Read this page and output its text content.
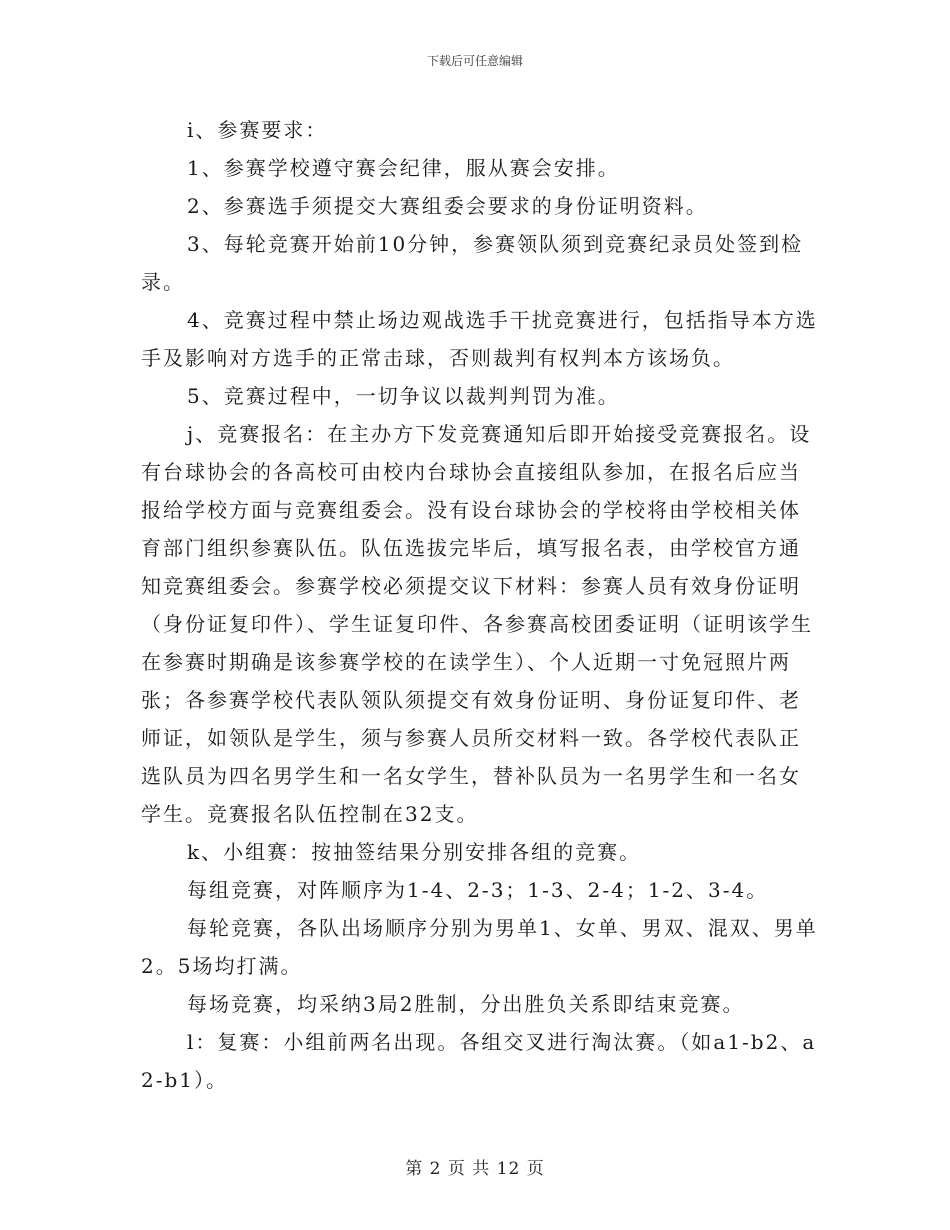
下载后可任意编辑

i、参赛要求：

1、参赛学校遵守赛会纪律，服从赛会安排。

2、参赛选手须提交大赛组委会要求的身份证明资料。

3、每轮竞赛开始前10分钟，参赛领队须到竞赛纪录员处签到检录。

4、竞赛过程中禁止场边观战选手干扰竞赛进行，包括指导本方选手及影响对方选手的正常击球，否则裁判有权判本方该场负。

5、竞赛过程中，一切争议以裁判判罚为准。

j、竞赛报名：在主办方下发竞赛通知后即开始接受竞赛报名。设有台球协会的各高校可由校内台球协会直接组队参加，在报名后应当报给学校方面与竞赛组委会。没有设台球协会的学校将由学校相关体育部门组织参赛队伍。队伍选拔完毕后，填写报名表，由学校官方通知竞赛组委会。参赛学校必须提交议下材料：参赛人员有效身份证明（身份证复印件）、学生证复印件、各参赛高校团委证明（证明该学生在参赛时期确是该参赛学校的在读学生）、个人近期一寸免冠照片两张；各参赛学校代表队领队须提交有效身份证明、身份证复印件、老师证，如领队是学生，须与参赛人员所交材料一致。各学校代表队正选队员为四名男学生和一名女学生，替补队员为一名男学生和一名女学生。竞赛报名队伍控制在32支。

k、小组赛：按抽签结果分别安排各组的竞赛。

每组竞赛，对阵顺序为1-4、2-3；1-3、2-4；1-2、3-4。

每轮竞赛，各队出场顺序分别为男单1、女单、男双、混双、男单2。5场均打满。

每场竞赛，均采纳3局2胜制，分出胜负关系即结束竞赛。

l：复赛：小组前两名出现。各组交叉进行淘汰赛。（如a1-b2、a2-b1）。

第 2 页 共 12 页
